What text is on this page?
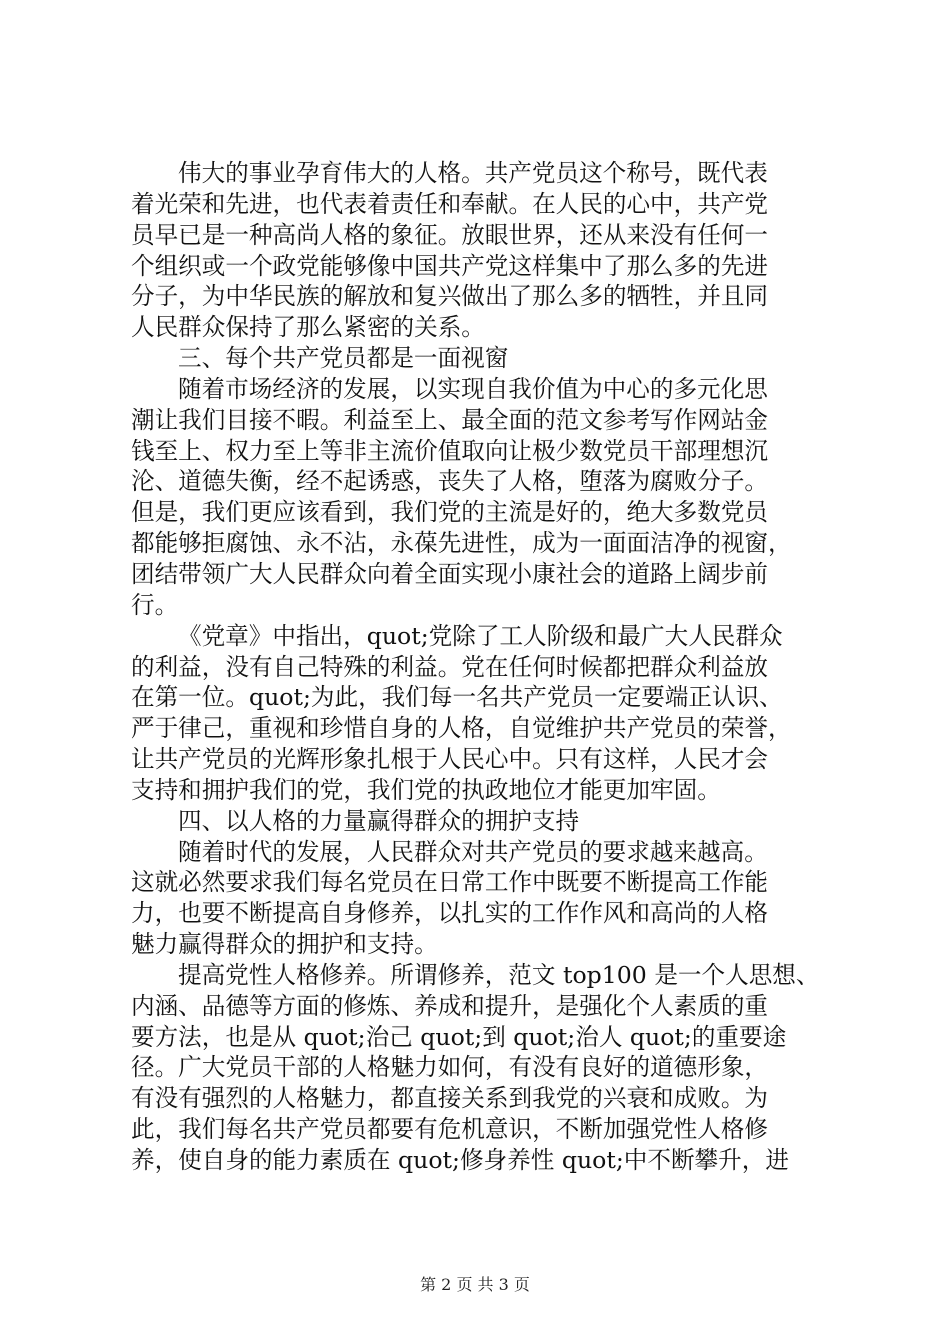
伟大的事业孕育伟大的人格。共产党员这个称号，既代表
着光荣和先进，也代表着责任和奉献。在人民的心中，共产党
员早已是一种高尚人格的象征。放眼世界，还从来没有任何一
个组织或一个政党能够像中国共产党这样集中了那么多的先进
分子，为中华民族的解放和复兴做出了那么多的牺牲，并且同
人民群众保持了那么紧密的关系。
三、每个共产党员都是一面视窗
随着市场经济的发展，以实现自我价值为中心的多元化思
潮让我们目接不暇。利益至上、最全面的范文参考写作网站金
钱至上、权力至上等非主流价值取向让极少数党员干部理想沉
沦、道德失衡，经不起诱惑，丧失了人格，堕落为腐败分子。
但是，我们更应该看到，我们党的主流是好的，绝大多数党员
都能够拒腐蚀、永不沾，永葆先进性，成为一面面洁净的视窗，
团结带领广大人民群众向着全面实现小康社会的道路上阔步前
行。
《党章》中指出，quot;党除了工人阶级和最广大人民群众
的利益，没有自己特殊的利益。党在任何时候都把群众利益放
在第一位。quot;为此，我们每一名共产党员一定要端正认识、
严于律己，重视和珍惜自身的人格，自觉维护共产党员的荣誉，
让共产党员的光辉形象扎根于人民心中。只有这样，人民才会
支持和拥护我们的党，我们党的执政地位才能更加牢固。
四、以人格的力量赢得群众的拥护支持
随着时代的发展，人民群众对共产党员的要求越来越高。
这就必然要求我们每名党员在日常工作中既要不断提高工作能
力，也要不断提高自身修养，以扎实的工作作风和高尚的人格
魅力赢得群众的拥护和支持。
提高党性人格修养。所谓修养，范文 top100 是一个人思想、
内涵、品德等方面的修炼、养成和提升，是强化个人素质的重
要方法，也是从 quot;治己 quot;到 quot;治人 quot;的重要途
径。广大党员干部的人格魅力如何，有没有良好的道德形象，
有没有强烈的人格魅力，都直接关系到我党的兴衰和成败。为
此，我们每名共产党员都要有危机意识，不断加强党性人格修
养，使自身的能力素质在 quot;修身养性 quot;中不断攀升，进
第 2 页 共 3 页
